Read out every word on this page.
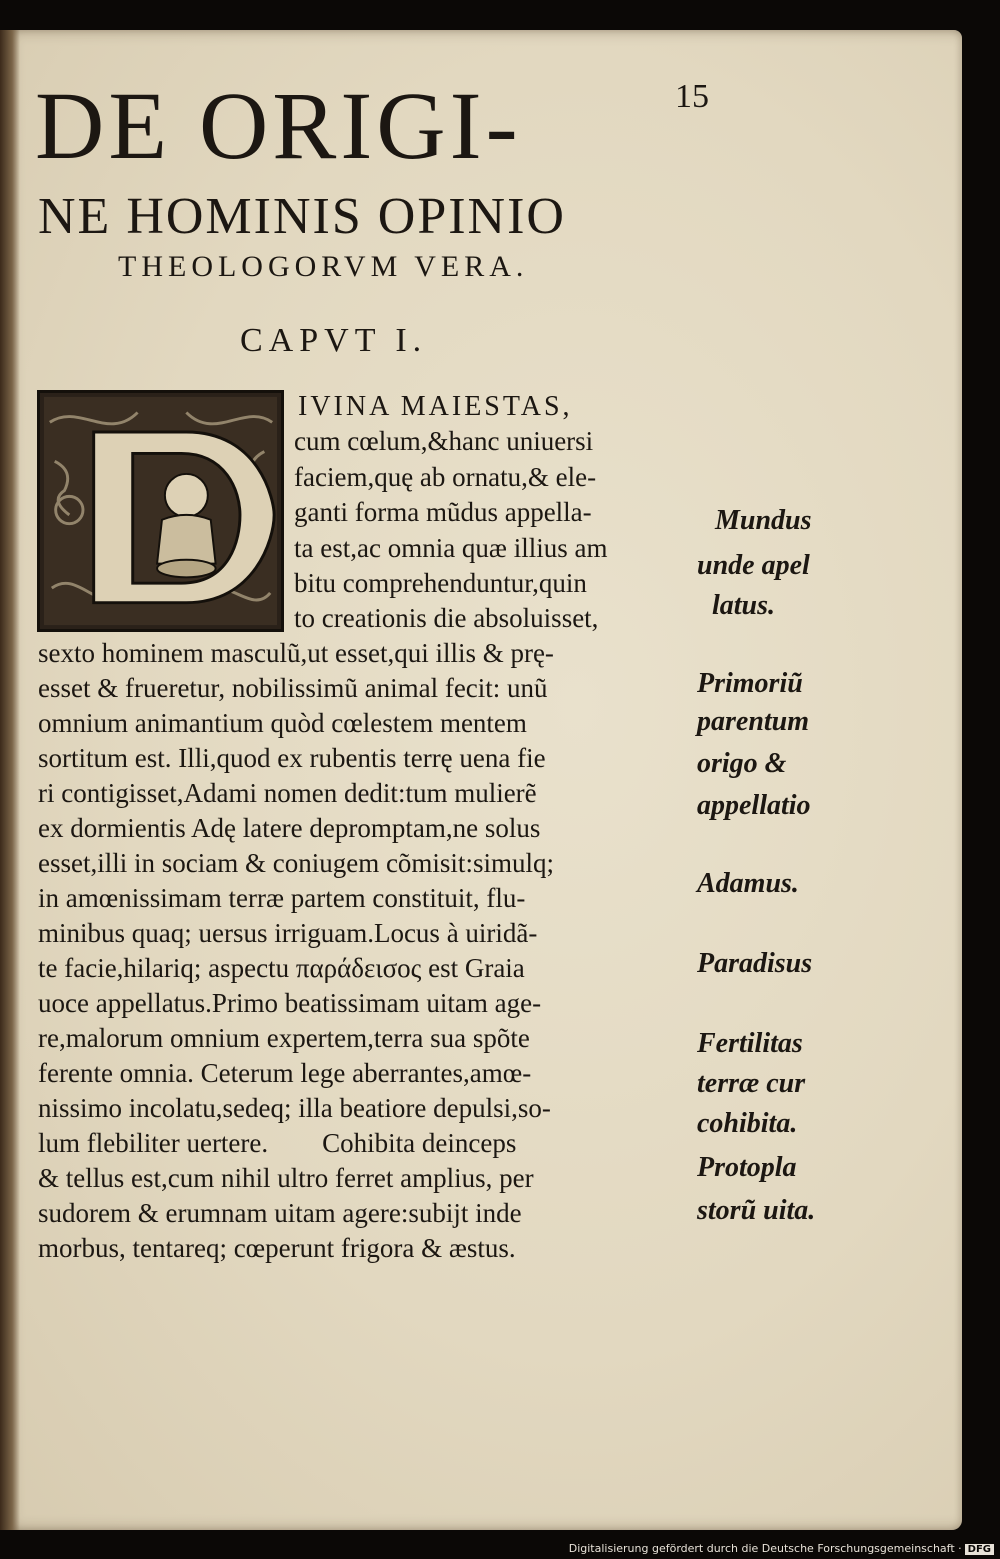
DE ORIGI-	15
NE HOMINIS OPINIO
THEOLOGORVM VERA.
CAPVT I.
IVINA MAIESTAS,
cum cœlum,&hanc uniuersi
faciem,quę ab ornatu,& ele-
ganti forma mũdus appella-
ta est,ac omnia quæ illius am
bitu comprehenduntur,quin
to creationis die absoluisset,
sexto hominem masculũ,ut esset,qui illis & prę-
esset & frueretur, nobilissimũ animal fecit: unũ
omnium animantium quòd cœlestem mentem
sortitum est. Illi,quod ex rubentis terrę uena fie
ri contigisset,Adami nomen dedit:tum mulierẽ
ex dormientis Adę latere depromptam,ne solus
esset,illi in sociam & coniugem cõmisit:simulq;
in amœnissimam terræ partem constituit, flu-
minibus quaq; uersus irriguam.Locus à uiridã-
te facie,hilariq; aspectu παράδεισος est Graia
uoce appellatus.Primo beatissimam uitam age-
re,malorum omnium expertem,terra sua spõte
ferente omnia. Ceterum lege aberrantes,amœ-
nissimo incolatu,sedeq; illa beatiore depulsi,so-
lum flebiliter uertere.        Cohibita deinceps
& tellus est,cum nihil ultro ferret amplius, per
sudorem & erumnam uitam agere:subijt inde
morbus, tentareq; cœperunt frigora & æstus.
Mundus
unde apel
latus.
Primoriũ
parentum
origo &
appellatio
Adamus.
Paradisus
Fertilitas
terræ cur
cohibita.
Protopla
storũ uita.
Digitalisierung gefördert durch die Deutsche Forschungsgemeinschaft · DFG
